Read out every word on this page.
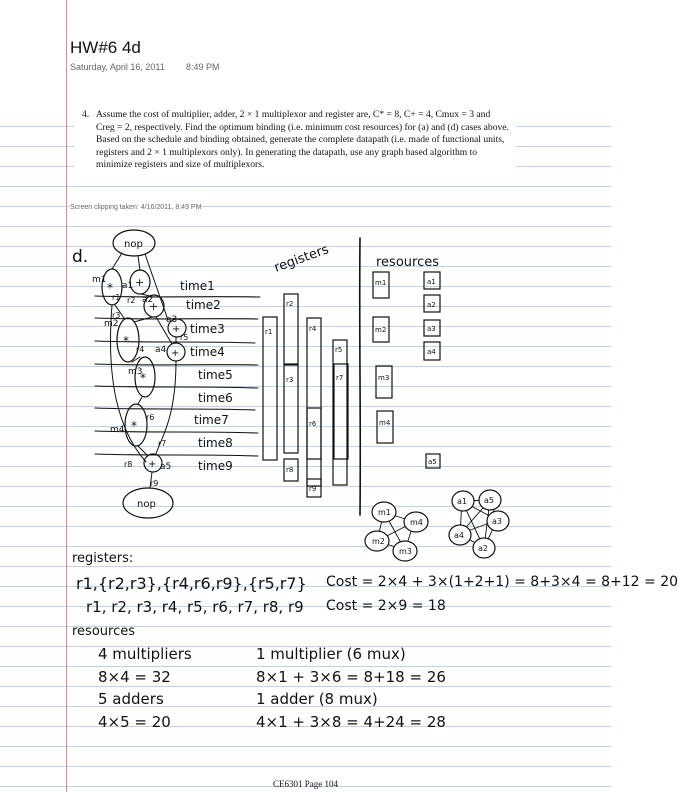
HW#6 4d
Saturday, April 16, 2011 8:49 PM
4. Assume the cost of multiplier, adder, 2 × 1 multiplexor and register are, C* = 8, C+ = 4, Cmux = 3 and Creg = 2, respectively. Find the optimum binding (i.e. minimum cost resources) for (a) and (d) cases above. Based on the schedule and binding obtained, generate the complete datapath (i.e. made of functional units, registers and 2 × 1 multiplexors only). In generating the datapath, use any graph based algorithm to minimize registers and size of multiplexors.
Screen clipping taken: 4/16/2011, 8:49 PM
d.
nop
nop
time1
time2
time3
time4
time5
time6
time7
time8
time9
* +
+
*
+
+
*
*
+
m1
a1
a2
m2	a3
a4
m3
m4
a5
r1 r2
r3
r4
r5
r6
r7
r8
r9
registers
r1
r2
r3
r4
r5
r6
r7
r8
r9
resources
m1
m2
m3
m4
a1
a2
a3
a4
a5
m1
m2
m3
m4
a1
a2
a3
a4
a5
registers:
r1,{r2,r3},{r4,r6,r9},{r5,r7} Cost = 2×4 + 3×(1+2+1) = 8+3×4 = 8+12 = 20
r1, r2, r3, r4, r5, r6, r7, r8, r9 Cost = 2×9 = 18
resources
4 multipliers
8×4 = 32
5 adders
4×5 = 20
1 multiplier (6 mux)
8×1 + 3×6 = 8+18 = 26
1 adder (8 mux)
4×1 + 3×8 = 4+24 = 28
CE6301 Page 104
